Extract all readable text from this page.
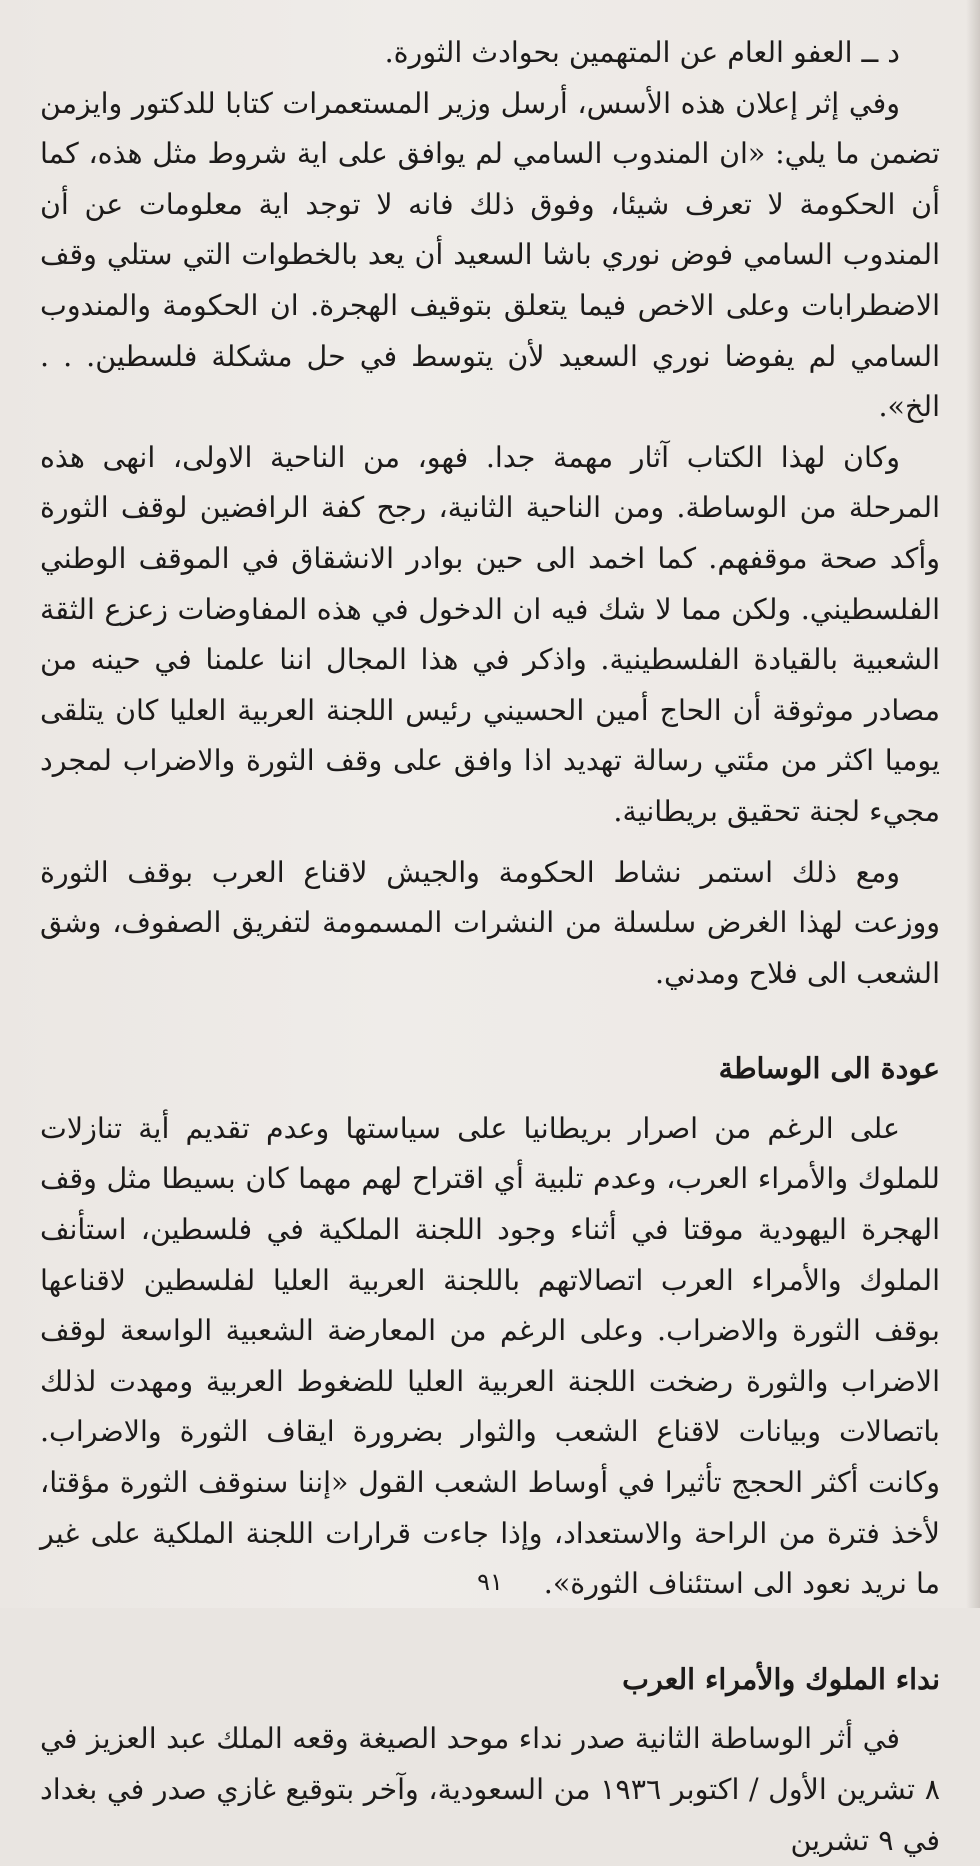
د ــ العفو العام عن المتهمين بحوادث الثورة.

وفي إثر إعلان هذه الأسس، أرسل وزير المستعمرات كتابا للدكتور وايزمن تضمن ما يلي: «ان المندوب السامي لم يوافق على اية شروط مثل هذه، كما أن الحكومة لا تعرف شيئا، وفوق ذلك فانه لا توجد اية معلومات عن أن المندوب السامي فوض نوري باشا السعيد أن يعد بالخطوات التي ستلي وقف الاضطرابات وعلى الاخص فيما يتعلق بتوقيف الهجرة. ان الحكومة والمندوب السامي لم يفوضا نوري السعيد لأن يتوسط في حل مشكلة فلسطين. . . الخ».

وكان لهذا الكتاب آثار مهمة جدا. فهو، من الناحية الاولى، انهى هذه المرحلة من الوساطة. ومن الناحية الثانية، رجح كفة الرافضين لوقف الثورة وأكد صحة موقفهم. كما اخمد الى حين بوادر الانشقاق في الموقف الوطني الفلسطيني. ولكن مما لا شك فيه ان الدخول في هذه المفاوضات زعزع الثقة الشعبية بالقيادة الفلسطينية. واذكر في هذا المجال اننا علمنا في حينه من مصادر موثوقة أن الحاج أمين الحسيني رئيس اللجنة العربية العليا كان يتلقى يوميا اكثر من مئتي رسالة تهديد اذا وافق على وقف الثورة والاضراب لمجرد مجيء لجنة تحقيق بريطانية.

ومع ذلك استمر نشاط الحكومة والجيش لاقناع العرب بوقف الثورة ووزعت لهذا الغرض سلسلة من النشرات المسمومة لتفريق الصفوف، وشق الشعب الى فلاح ومدني.

عودة الى الوساطة

على الرغم من اصرار بريطانيا على سياستها وعدم تقديم أية تنازلات للملوك والأمراء العرب، وعدم تلبية أي اقتراح لهم مهما كان بسيطا مثل وقف الهجرة اليهودية موقتا في أثناء وجود اللجنة الملكية في فلسطين، استأنف الملوك والأمراء العرب اتصالاتهم باللجنة العربية العليا لفلسطين لاقناعها بوقف الثورة والاضراب. وعلى الرغم من المعارضة الشعبية الواسعة لوقف الاضراب والثورة رضخت اللجنة العربية العليا للضغوط العربية ومهدت لذلك باتصالات وبيانات لاقناع الشعب والثوار بضرورة ايقاف الثورة والاضراب. وكانت أكثر الحجج تأثيرا في أوساط الشعب القول «إننا سنوقف الثورة مؤقتا، لأخذ فترة من الراحة والاستعداد، وإذا جاءت قرارات اللجنة الملكية على غير ما نريد نعود الى استئناف الثورة».

نداء الملوك والأمراء العرب

في أثر الوساطة الثانية صدر نداء موحد الصيغة وقعه الملك عبد العزيز في ٨ تشرين الأول / اكتوبر ١٩٣٦ من السعودية، وآخر بتوقيع غازي صدر في بغداد في ٩ تشرين

٩١
